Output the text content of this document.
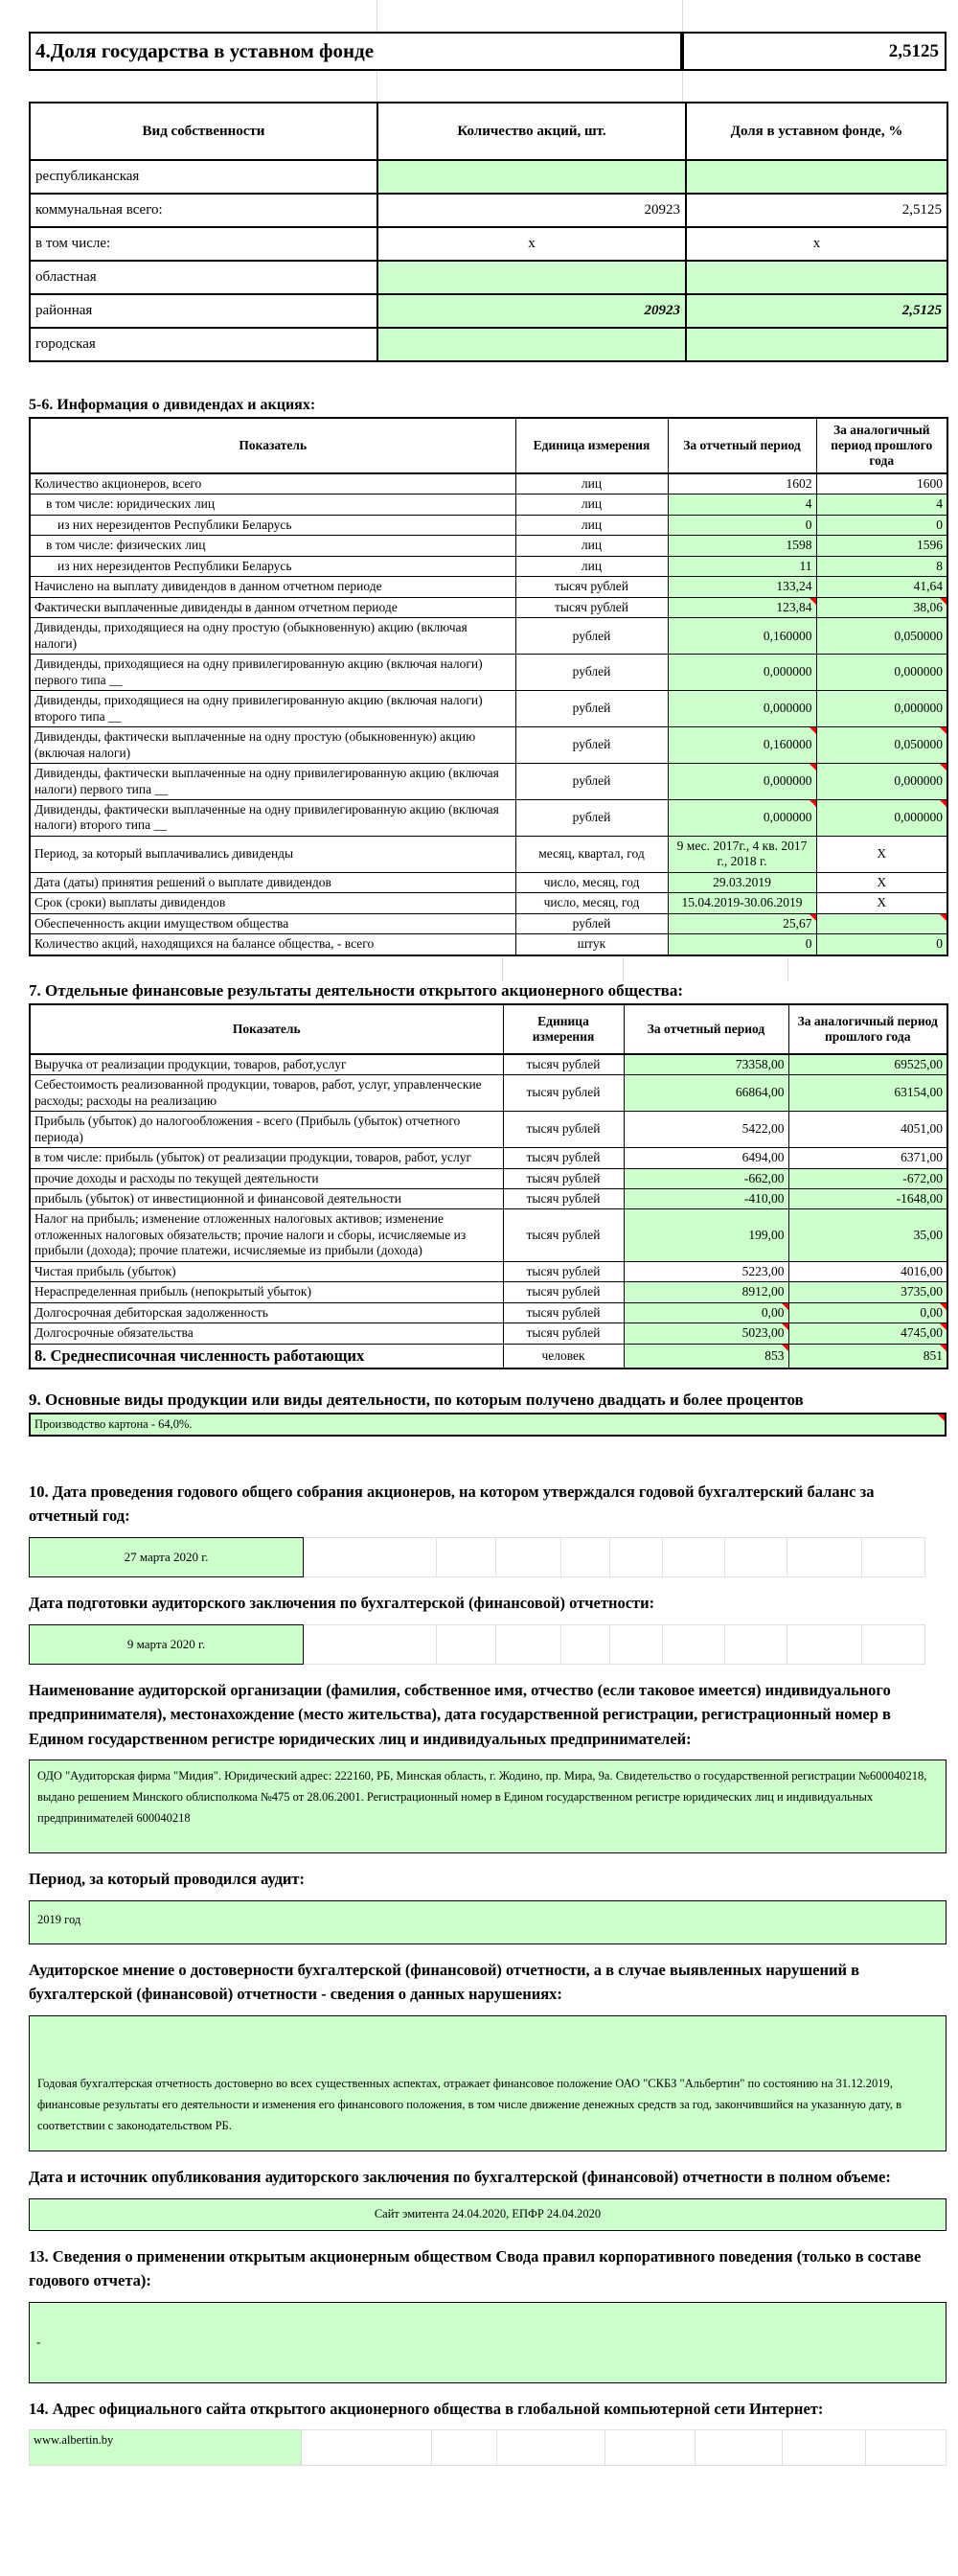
4.Доля государства в уставном фонде	2,5125
Вид собственности	Количество акций, шт.	Доля в уставном фонде, %
республиканская		
коммунальная всего:	20923	2,5125
в том числе:	x	x
областная		
районная	20923	2,5125
городская		
5-6. Информация о дивидендах и акциях:
Показатель	Единица измерения	За отчетный период	За аналогичный период прошлого года
Количество акционеров, всего	лиц	1602	1600
в том числе: юридических лиц	лиц	4	4
из них нерезидентов Республики Беларусь	лиц	0	0
в том числе: физических лиц	лиц	1598	1596
из них нерезидентов Республики Беларусь	лиц	11	8
Начислено на выплату дивидендов в данном отчетном периоде	тысяч рублей	133,24	41,64
Фактически выплаченные дивиденды в данном отчетном периоде	тысяч рублей	123,84	38,06
Дивиденды, приходящиеся на одну простую (обыкновенную) акцию (включая налоги)	рублей	0,160000	0,050000
Дивиденды, приходящиеся на одну привилегированную акцию (включая налоги) первого типа __	рублей	0,000000	0,000000
Дивиденды, приходящиеся на одну привилегированную акцию (включая налоги) второго типа __	рублей	0,000000	0,000000
Дивиденды, фактически выплаченные на одну простую (обыкновенную) акцию (включая налоги)	рублей	0,160000	0,050000
Дивиденды, фактически выплаченные на одну привилегированную акцию (включая налоги) первого типа __	рублей	0,000000	0,000000
Дивиденды, фактически выплаченные на одну привилегированную акцию (включая налоги) второго типа __	рублей	0,000000	0,000000
Период, за который выплачивались дивиденды	месяц, квартал, год	9 мес. 2017г., 4 кв. 2017 г., 2018 г.	X
Дата (даты) принятия решений о выплате дивидендов	число, месяц, год	29.03.2019	X
Срок (сроки) выплаты дивидендов	число, месяц, год	15.04.2019-30.06.2019	X
Обеспеченность акции имуществом общества	рублей	25,67	
Количество акций, находящихся на балансе общества, - всего	штук	0	0
7. Отдельные финансовые результаты деятельности открытого акционерного общества:
Показатель	Единица измерения	За отчетный период	За аналогичный период прошлого года
Выручка от реализации продукции, товаров, работ,услуг	тысяч рублей	73358,00	69525,00
Себестоимость реализованной продукции, товаров, работ, услуг, управленческие расходы; расходы на реализацию	тысяч рублей	66864,00	63154,00
Прибыль (убыток) до налогообложения - всего (Прибыль (убыток) отчетного периода)	тысяч рублей	5422,00	4051,00
в том числе: прибыль (убыток) от реализации продукции, товаров, работ, услуг	тысяч рублей	6494,00	6371,00
прочие доходы и расходы по текущей деятельности	тысяч рублей	-662,00	-672,00
прибыль (убыток) от инвестиционной и финансовой деятельности	тысяч рублей	-410,00	-1648,00
Налог на прибыль; изменение отложенных налоговых активов; изменение отложенных налоговых обязательств; прочие налоги и сборы, исчисляемые из прибыли (дохода); прочие платежи, исчисляемые из прибыли (дохода)	тысяч рублей	199,00	35,00
Чистая прибыль (убыток)	тысяч рублей	5223,00	4016,00
Нераспределенная прибыль (непокрытый убыток)	тысяч рублей	8912,00	3735,00
Долгосрочная дебиторская задолженность	тысяч рублей	0,00	0,00
Долгосрочные обязательства	тысяч рублей	5023,00	4745,00
8. Среднесписочная численность работающих	человек	853	851
9. Основные виды продукции или виды деятельности, по которым получено двадцать и более процентов
Производство картона - 64,0%.

10. Дата проведения годового общего собрания акционеров, на котором утверждался годовой бухгалтерский баланс за отчетный год:

27 марта 2020 г.

Дата подготовки аудиторского заключения по бухгалтерской (финансовой) отчетности:

9 марта 2020 г.

Наименование аудиторской организации (фамилия, собственное имя, отчество (если таковое имеется) индивидуального предпринимателя), местонахождение (место жительства), дата государственной регистрации, регистрационный номер в Едином государственном регистре юридических лиц и индивидуальных предпринимателей:

ОДО "Аудиторская фирма "Мидия". Юридический адрес: 222160, РБ, Минская область, г. Жодино, пр. Мира, 9а. Свидетельство о государственной регистрации №600040218, выдано решением Минского облисполкома №475 от 28.06.2001. Регистрационный номер в Едином государственном регистре юридических лиц и индивидуальных предпринимателей 600040218

Период, за который проводился аудит:

2019 год

Аудиторское мнение о достоверности бухгалтерской (финансовой) отчетности, а в случае выявленных нарушений в бухгалтерской (финансовой) отчетности - сведения о данных нарушениях:

Годовая бухгалтерская отчетность достоверно во всех существенных аспектах, отражает финансовое положение ОАО "СКБЗ "Альбертин" по состоянию на 31.12.2019, финансовые результаты его деятельности и изменения его финансового положения, в том числе движение денежных средств за год, закончившийся на указанную дату, в соответствии с законодательством РБ.

Дата и источник опубликования аудиторского заключения по бухгалтерской (финансовой) отчетности в полном объеме:

Сайт эмитента 24.04.2020, ЕПФР 24.04.2020

13. Сведения о применении открытым акционерным обществом Свода правил корпоративного поведения (только в составе годового отчета):

-

14. Адрес официального сайта открытого акционерного общества в глобальной компьютерной сети Интернет:

www.albertin.by
